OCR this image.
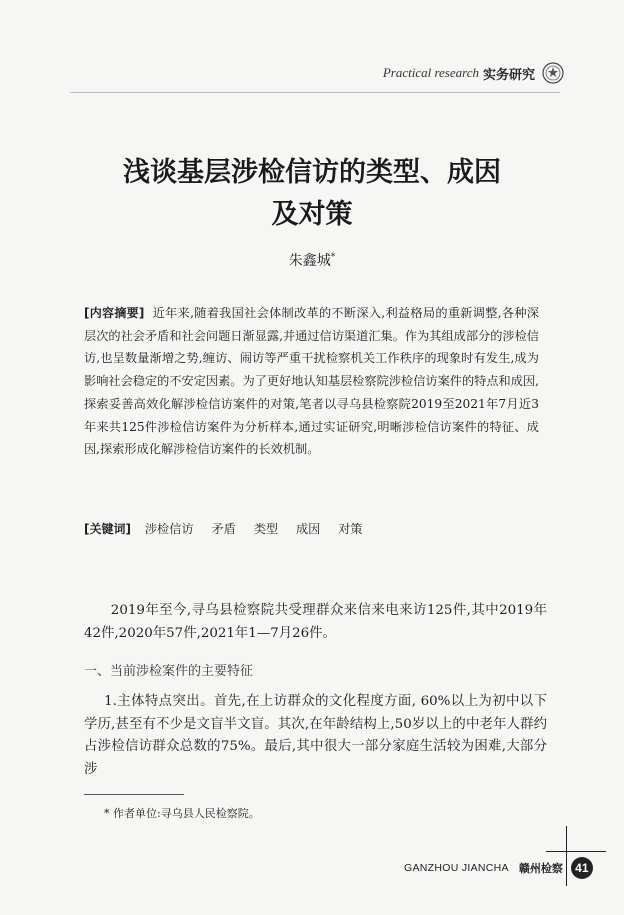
Practical research 实务研究
浅谈基层涉检信访的类型、成因
及对策
朱鑫城*
[内容摘要] 近年来,随着我国社会体制改革的不断深入,利益格局的重新调整,各种深层次的社会矛盾和社会问题日渐显露,并通过信访渠道汇集。作为其组成部分的涉检信访,也呈数量渐增之势,缠访、闹访等严重干扰检察机关工作秩序的现象时有发生,成为影响社会稳定的不安定因素。为了更好地认知基层检察院涉检信访案件的特点和成因,探索妥善高效化解涉检信访案件的对策,笔者以寻乌县检察院2019至2021年7月近3年来共125件涉检信访案件为分析样本,通过实证研究,明晰涉检信访案件的特征、成因,探索形成化解涉检信访案件的长效机制。
[关键词] 涉检信访 矛盾 类型 成因 对策
2019年至今,寻乌县检察院共受理群众来信来电来访125件,其中2019年42件,2020年57件,2021年1—7月26件。
一、当前涉检案件的主要特征
1.主体特点突出。首先,在上访群众的文化程度方面, 60%以上为初中以下学历,甚至有不少是文盲半文盲。其次,在年龄结构上,50岁以上的中老年人群约占涉检信访群众总数的75%。最后,其中很大一部分家庭生活较为困难,大部分涉
* 作者单位:寻乌县人民检察院。
GANZHOU JIANCHA 赣州检察	41
